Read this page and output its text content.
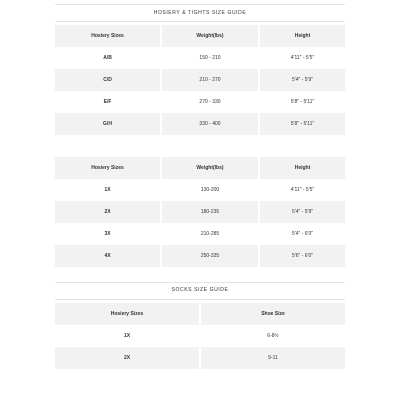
HOSIERY & TIGHTS SIZE GUIDE
Hosiery Sizes	Weight(lbs)	Height
A/B	150 - 210	4'11" - 5'5"
C/D	210 - 270	5'4" - 5'9"
E/F	270 - 330	5'8" - 5'11"
G/H	330 - 400	5'8" - 5'11"
Hosiery Sizes	Weight(lbs)	Height
1X	130-200	4'11" - 5'5"
2X	180-235	5'4" - 5'9"
3X	210-285	5'4" - 6'0"
4X	250-335	5'6" - 6'0"
SOCKS SIZE GUIDE
Hosiery Sizes	Shoe Size
1X	6-8½
2X	9-11
